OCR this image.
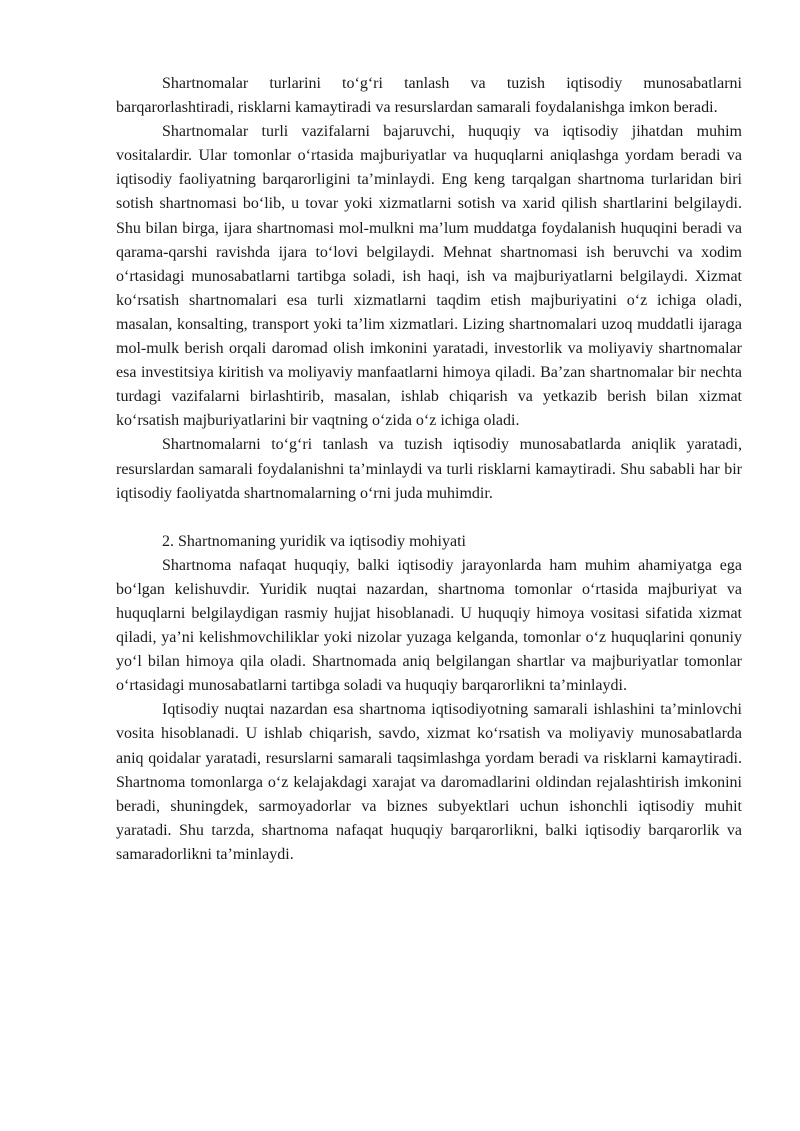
Shartnomalar turlarini to‘g‘ri tanlash va tuzish iqtisodiy munosabatlarni barqarorlashtiradi, risklarni kamaytiradi va resurslardan samarali foydalanishga imkon beradi.

Shartnomalar turli vazifalarni bajaruvchi, huquqiy va iqtisodiy jihatdan muhim vositalardir. Ular tomonlar o‘rtasida majburiyatlar va huquqlarni aniqlashga yordam beradi va iqtisodiy faoliyatning barqarorligini ta’minlaydi. Eng keng tarqalgan shartnoma turlaridan biri sotish shartnomasi bo‘lib, u tovar yoki xizmatlarni sotish va xarid qilish shartlarini belgilaydi. Shu bilan birga, ijara shartnomasi mol-mulkni ma’lum muddatga foydalanish huquqini beradi va qarama-qarshi ravishda ijara to‘lovi belgilaydi. Mehnat shartnomasi ish beruvchi va xodim o‘rtasidagi munosabatlarni tartibga soladi, ish haqi, ish va majburiyatlarni belgilaydi. Xizmat ko‘rsatish shartnomalari esa turli xizmatlarni taqdim etish majburiyatini o‘z ichiga oladi, masalan, konsalting, transport yoki ta’lim xizmatlari. Lizing shartnomalari uzoq muddatli ijaraga mol-mulk berish orqali daromad olish imkonini yaratadi, investorlik va moliyaviy shartnomalar esa investitsiya kiritish va moliyaviy manfaatlarni himoya qiladi. Ba’zan shartnomalar bir nechta turdagi vazifalarni birlashtirib, masalan, ishlab chiqarish va yetkazib berish bilan xizmat ko‘rsatish majburiyatlarini bir vaqtning o‘zida o‘z ichiga oladi.

Shartnomalarni to‘g‘ri tanlash va tuzish iqtisodiy munosabatlarda aniqlik yaratadi, resurslardan samarali foydalanishni ta’minlaydi va turli risklarni kamaytiradi. Shu sababli har bir iqtisodiy faoliyatda shartnomalarning o‘rni juda muhimdir.

2. Shartnomaning yuridik va iqtisodiy mohiyati

Shartnoma nafaqat huquqiy, balki iqtisodiy jarayonlarda ham muhim ahamiyatga ega bo‘lgan kelishuvdir. Yuridik nuqtai nazardan, shartnoma tomonlar o‘rtasida majburiyat va huquqlarni belgilaydigan rasmiy hujjat hisoblanadi. U huquqiy himoya vositasi sifatida xizmat qiladi, ya’ni kelishmovchiliklar yoki nizolar yuzaga kelganda, tomonlar o‘z huquqlarini qonuniy yo‘l bilan himoya qila oladi. Shartnomada aniq belgilangan shartlar va majburiyatlar tomonlar o‘rtasidagi munosabatlarni tartibga soladi va huquqiy barqarorlikni ta’minlaydi.

Iqtisodiy nuqtai nazardan esa shartnoma iqtisodiyotning samarali ishlashini ta’minlovchi vosita hisoblanadi. U ishlab chiqarish, savdo, xizmat ko‘rsatish va moliyaviy munosabatlarda aniq qoidalar yaratadi, resurslarni samarali taqsimlashga yordam beradi va risklarni kamaytiradi. Shartnoma tomonlarga o‘z kelajakdagi xarajat va daromadlarini oldindan rejalashtirish imkonini beradi, shuningdek, sarmoyadorlar va biznes subyektlari uchun ishonchli iqtisodiy muhit yaratadi. Shu tarzda, shartnoma nafaqat huquqiy barqarorlikni, balki iqtisodiy barqarorlik va samaradorlikni ta’minlaydi.
